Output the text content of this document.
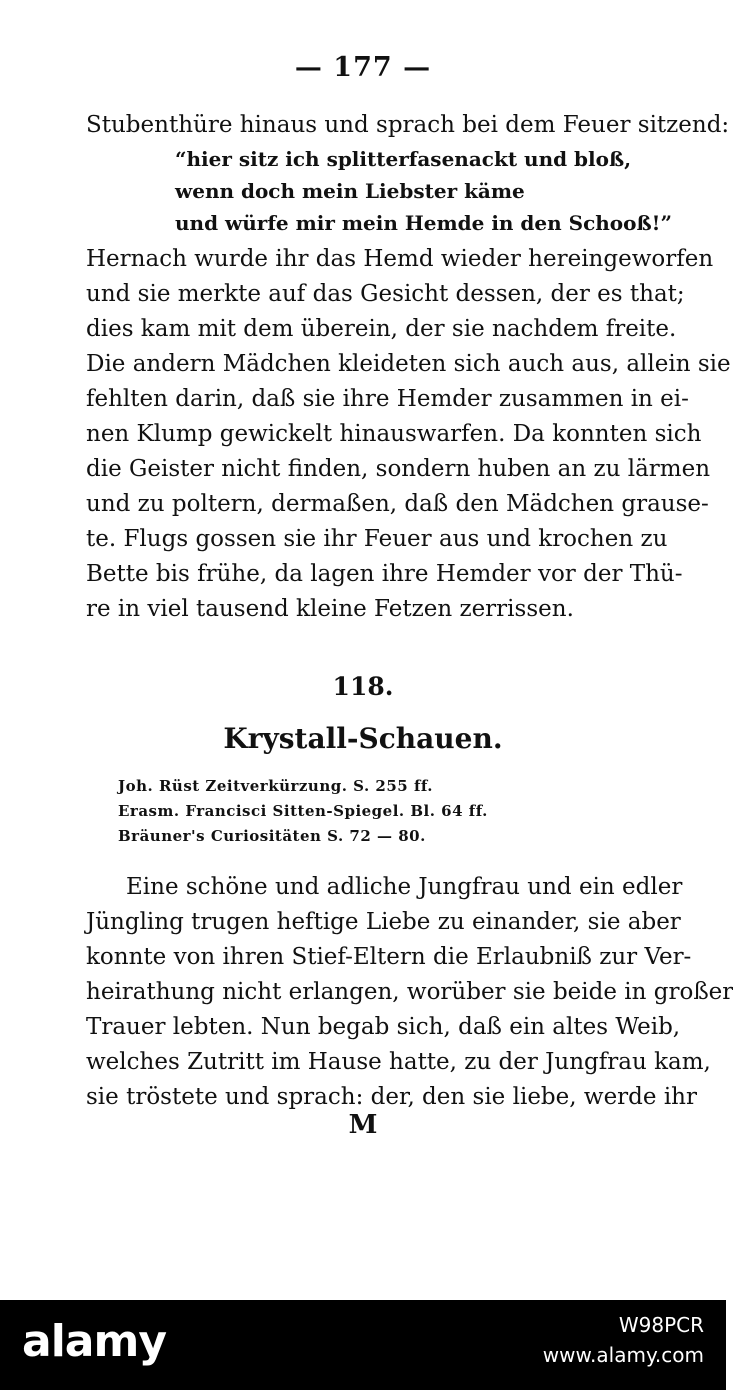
— 177 —

Stubenthüre hinaus und sprach bei dem Feuer sitzend:

“hier sitz ich splitterfasenackt und bloß,
wenn doch mein Liebster käme
und würfe mir mein Hemde in den Schooß!”

Hernach wurde ihr das Hemd wieder hereingeworfen

und sie merkte auf das Gesicht dessen, der es that;

dies kam mit dem überein, der sie nachdem freite.

Die andern Mädchen kleideten sich auch aus, allein sie

fehlten darin, daß sie ihre Hemder zusammen in ei-

nen Klump gewickelt hinauswarfen. Da konnten sich

die Geister nicht finden, sondern huben an zu lärmen

und zu poltern, dermaßen, daß den Mädchen grause-

te. Flugs gossen sie ihr Feuer aus und krochen zu

Bette bis frühe, da lagen ihre Hemder vor der Thü-

re in viel tausend kleine Fetzen zerrissen.

118.
Krystall-Schauen.
Joh. Rüst Zeitverkürzung. S. 255 ff.
Erasm. Francisci Sitten-Spiegel. Bl. 64 ff.
Bräuner's Curiositäten S. 72 — 80.

Eine schöne und adliche Jungfrau und ein edler

Jüngling trugen heftige Liebe zu einander, sie aber

konnte von ihren Stief-Eltern die Erlaubniß zur Ver-

heirathung nicht erlangen, worüber sie beide in großer

Trauer lebten. Nun begab sich, daß ein altes Weib,

welches Zutritt im Hause hatte, zu der Jungfrau kam,

sie tröstete und sprach: der, den sie liebe, werde ihr

M
alamy	W98PCR
www.alamy.com
